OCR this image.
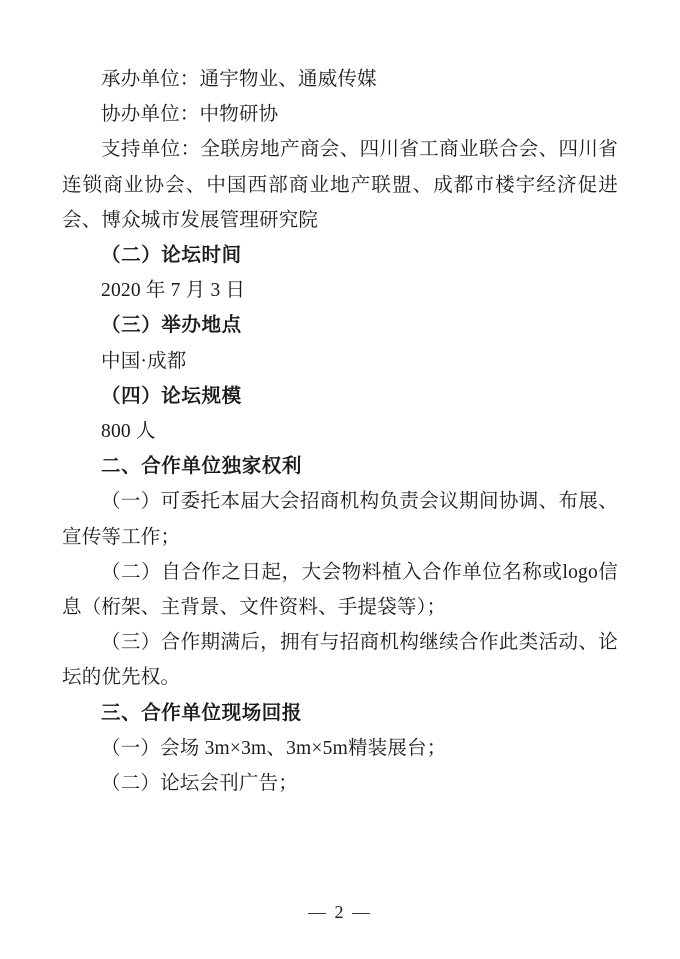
承办单位：通宇物业、通威传媒

协办单位：中物研协

支持单位：全联房地产商会、四川省工商业联合会、四川省连锁商业协会、中国西部商业地产联盟、成都市楼宇经济促进会、博众城市发展管理研究院

（二）论坛时间

2020 年 7 月 3 日

（三）举办地点

中国·成都

（四）论坛规模

800 人

二、合作单位独家权利

（一）可委托本届大会招商机构负责会议期间协调、布展、宣传等工作；

（二）自合作之日起，大会物料植入合作单位名称或logo信息（桁架、主背景、文件资料、手提袋等）；

（三）合作期满后，拥有与招商机构继续合作此类活动、论坛的优先权。

三、合作单位现场回报

（一）会场 3m×3m、3m×5m精装展台；

（二）论坛会刊广告；

— 2 —
